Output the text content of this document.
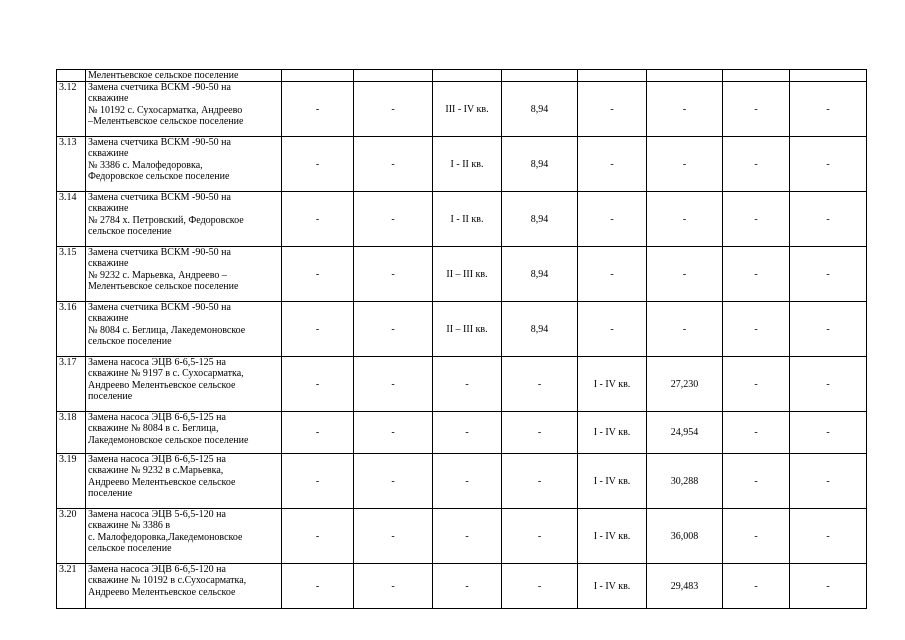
	Мелентьевское сельское поселение								
3.12	Замена счетчика ВСКМ -90-50 на
скважине
№ 10192 с. Сухосарматка, Андреево
–Мелентьевское сельское поселение	-	-	III - IV кв.	8,94	-	-	-	-
3.13	Замена счетчика ВСКМ -90-50 на
скважине
№ 3386 с. Малофедоровка,
Федоровское сельское поселение	-	-	I - II кв.	8,94	-	-	-	-
3.14	Замена счетчика ВСКМ -90-50 на
скважине
№ 2784 х. Петровский, Федоровское
сельское поселение	-	-	I - II кв.	8,94	-	-	-	-
3.15	Замена счетчика ВСКМ -90-50 на
скважине
№ 9232 с. Марьевка, Андреево –
Мелентьевское сельское поселение	-	-	II – III кв.	8,94	-	-	-	-
3.16	Замена счетчика ВСКМ -90-50 на
скважине
№ 8084 с. Беглица, Лакедемоновское
сельское поселение	-	-	II – III кв.	8,94	-	-	-	-
3.17	Замена насоса ЭЦВ 6-6,5-125 на
скважине № 9197 в с. Сухосарматка,
Андреево Мелентьевское сельское
поселение	-	-	-	-	I - IV кв.	27,230	-	-
3.18	Замена насоса ЭЦВ 6-6,5-125 на
скважине № 8084 в с. Беглица,
Лакедемоновское сельское поселение	-	-	-	-	I - IV кв.	24,954	-	-
3.19	Замена насоса ЭЦВ 6-6,5-125 на
скважине № 9232 в с.Марьевка,
Андреево Мелентьевское сельское
поселение	-	-	-	-	I - IV кв.	30,288	-	-
3.20	Замена насоса ЭЦВ 5-6,5-120 на
скважине № 3386 в
с. Малофедоровка,Лакедемоновское
сельское поселение	-	-	-	-	I - IV кв.	36,008	-	-
3.21	Замена насоса ЭЦВ 6-6,5-120 на
скважине № 10192 в с.Сухосарматка,
Андреево Мелентьевское сельское	-	-	-	-	I - IV кв.	29,483	-	-
